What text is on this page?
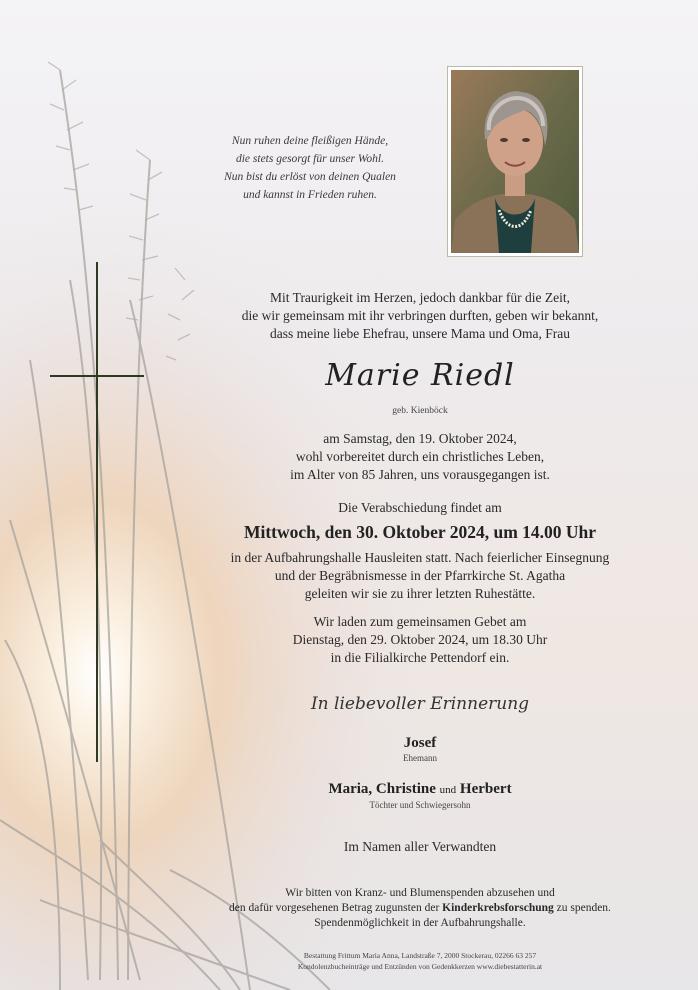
Nun ruhen deine fleißigen Hände,
die stets gesorgt für unser Wohl.
Nun bist du erlöst von deinen Qualen
und kannst in Frieden ruhen.
Mit Traurigkeit im Herzen, jedoch dankbar für die Zeit,
die wir gemeinsam mit ihr verbringen durften, geben wir bekannt,
dass meine liebe Ehefrau, unsere Mama und Oma, Frau
Marie Riedl
geb. Kienböck
am Samstag, den 19. Oktober 2024,
wohl vorbereitet durch ein christliches Leben,
im Alter von 85 Jahren, uns vorausgegangen ist.
Die Verabschiedung findet am
Mittwoch, den 30. Oktober 2024, um 14.00 Uhr
in der Aufbahrungshalle Hausleiten statt. Nach feierlicher Einsegnung
und der Begräbnismesse in der Pfarrkirche St. Agatha
geleiten wir sie zu ihrer letzten Ruhestätte.
Wir laden zum gemeinsamen Gebet am
Dienstag, den 29. Oktober 2024, um 18.30 Uhr
in die Filialkirche Pettendorf ein.
In liebevoller Erinnerung
Josef
Ehemann
Maria, Christine und Herbert
Töchter und Schwiegersohn
Im Namen aller Verwandten
Wir bitten von Kranz- und Blumenspenden abzusehen und
den dafür vorgesehenen Betrag zugunsten der Kinderkrebsforschung zu spenden.
Spendenmöglichkeit in der Aufbahrungshalle.
Bestattung Frittum Maria Anna, Landstraße 7, 2000 Stockerau, 02266 63 257
Kondolenzbucheinträge und Entzünden von Gedenkkerzen www.diebestatterin.at
